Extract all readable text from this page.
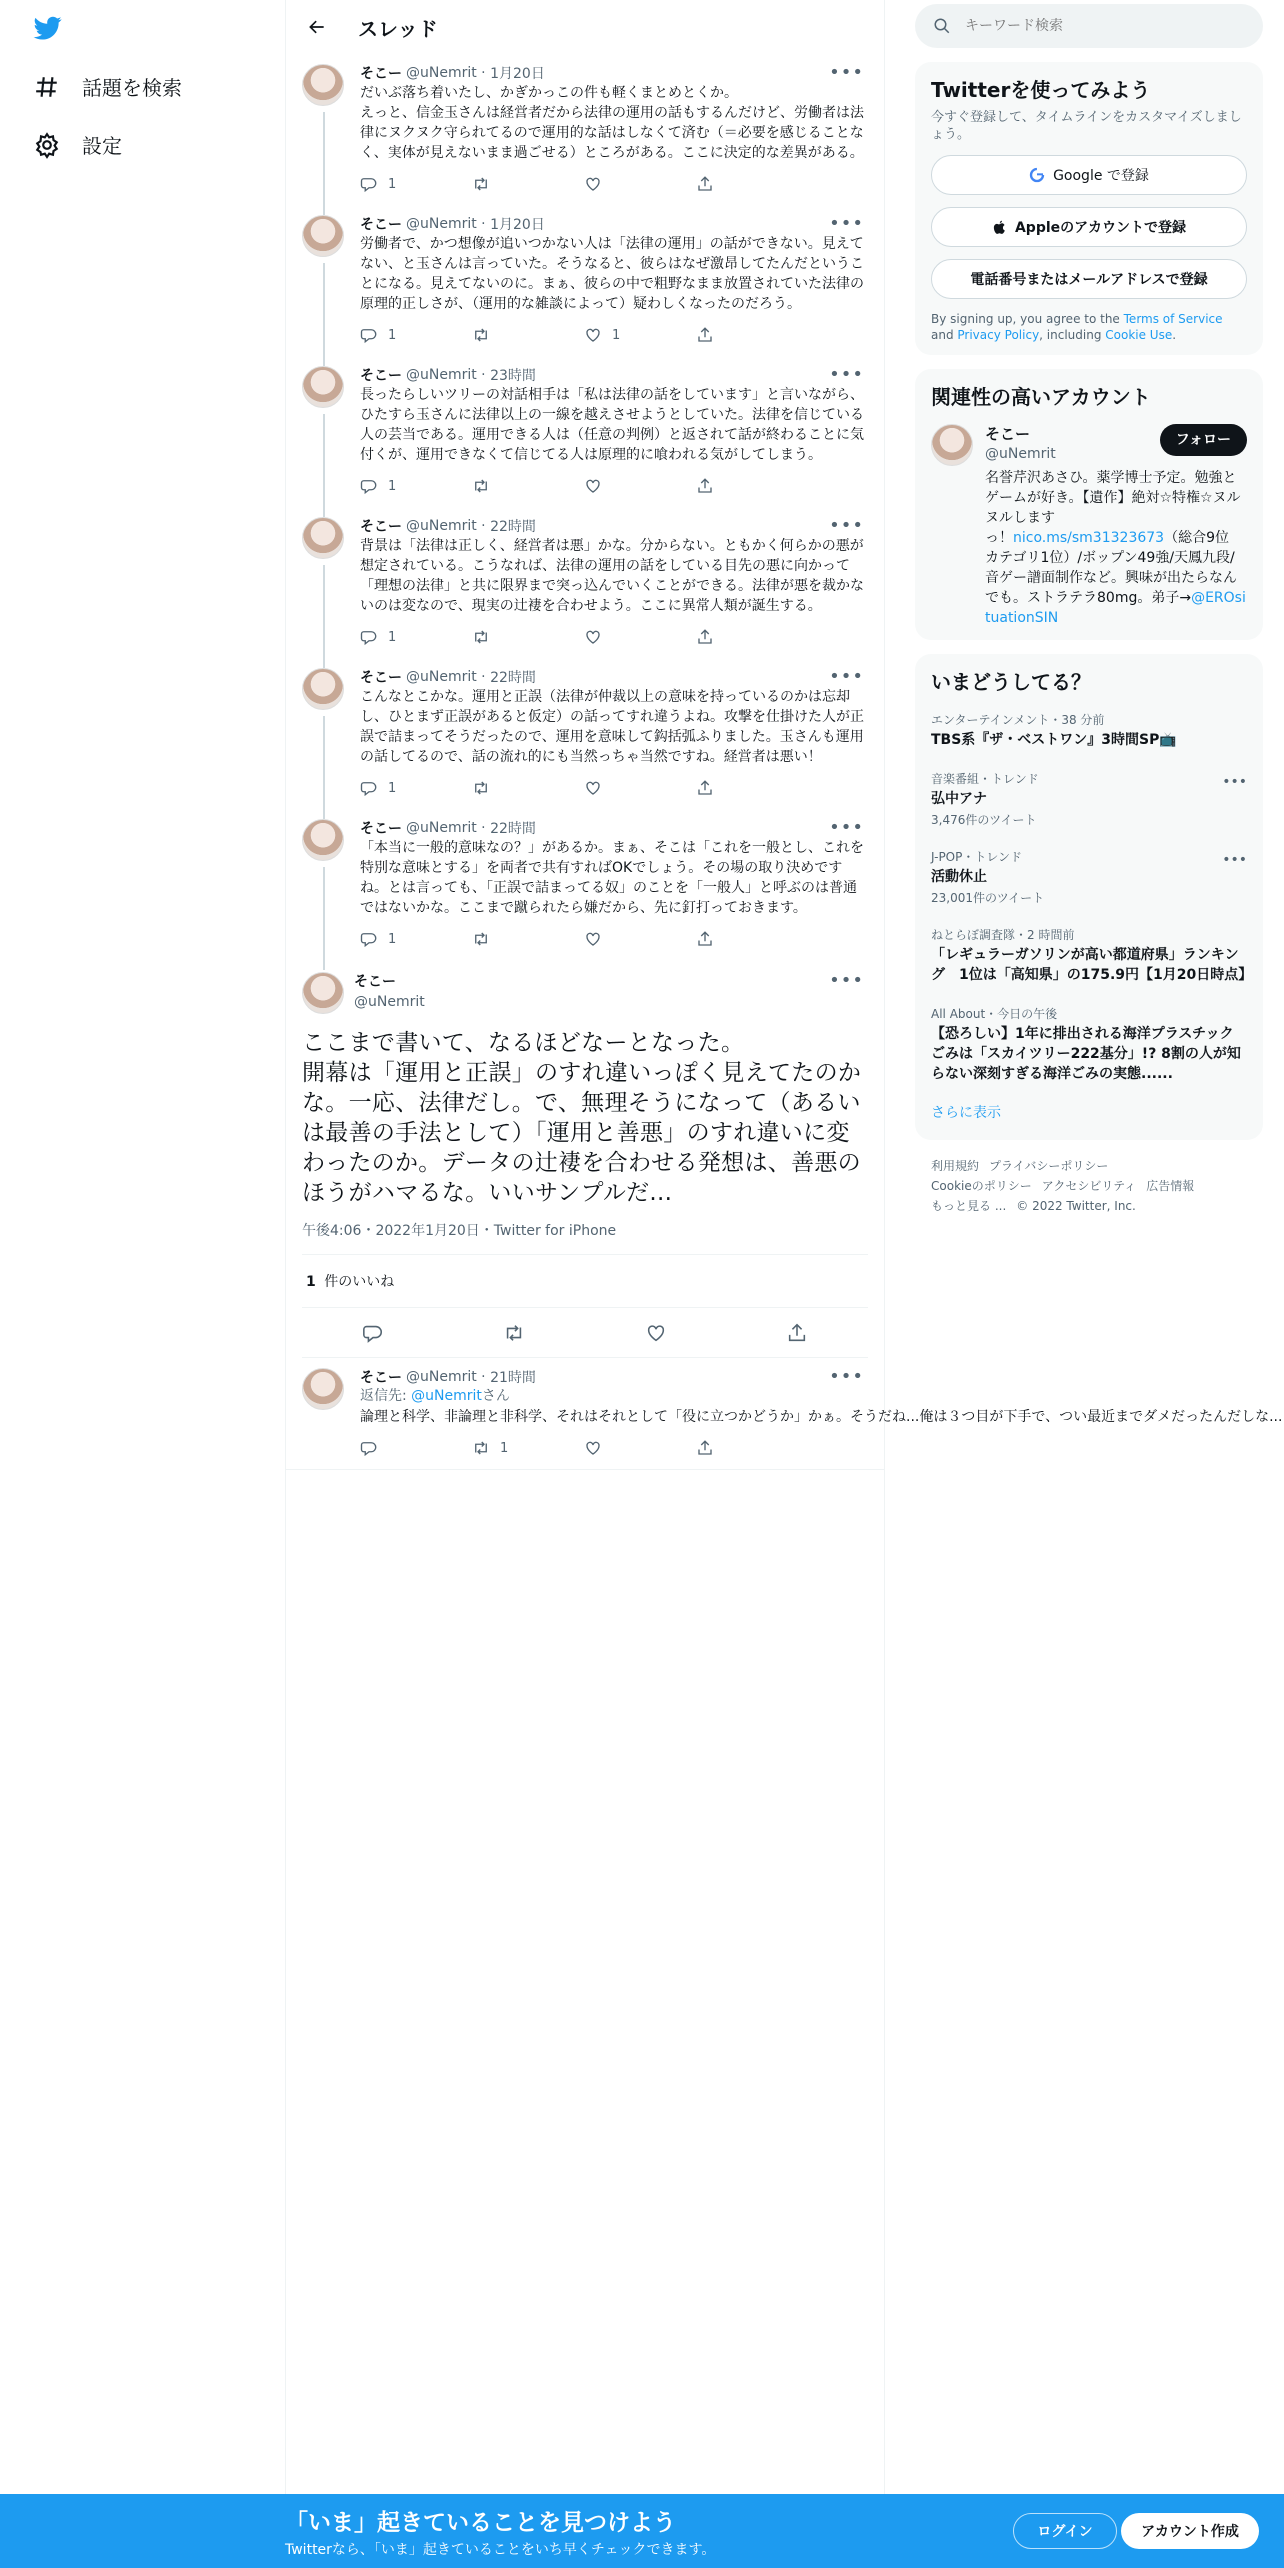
話題を検索
設定
スレッド
そこー @uNemrit · 1月20日	•••
だいぶ落ち着いたし、かぎかっこの件も軽くまとめとくか。
えっと、信金玉さんは経営者だから法律の運用の話もするんだけど、労働者は法律にヌクヌク守られてるので運用的な話はしなくて済む（＝必要を感じることなく、実体が見えないまま過ごせる）ところがある。ここに決定的な差異がある。
1
そこー @uNemrit · 1月20日	•••
労働者で、かつ想像が追いつかない人は「法律の運用」の話ができない。見えてない、と玉さんは言っていた。そうなると、彼らはなぜ激昂してたんだということになる。見えてないのに。まぁ、彼らの中で粗野なまま放置されていた法律の原理的正しさが、（運用的な雑談によって）疑わしくなったのだろう。
1	1
そこー @uNemrit · 23時間	•••
長ったらしいツリーの対話相手は「私は法律の話をしています」と言いながら、ひたすら玉さんに法律以上の一線を越えさせようとしていた。法律を信じている人の芸当である。運用できる人は（任意の判例）と返されて話が終わることに気付くが、運用できなくて信じてる人は原理的に喰われる気がしてしまう。
1
そこー @uNemrit · 22時間	•••
背景は「法律は正しく、経営者は悪」かな。分からない。ともかく何らかの悪が想定されている。こうなれば、法律の運用の話をしている目先の悪に向かって「理想の法律」と共に限界まで突っ込んでいくことができる。法律が悪を裁かないのは変なので、現実の辻褄を合わせよう。ここに異常人類が誕生する。
1
そこー @uNemrit · 22時間	•••
こんなとこかな。運用と正誤（法律が仲裁以上の意味を持っているのかは忘却し、ひとまず正誤があると仮定）の話ってすれ違うよね。攻撃を仕掛けた人が正誤で詰まってそうだったので、運用を意味して鈎括弧ふりました。玉さんも運用の話してるので、話の流れ的にも当然っちゃ当然ですね。経営者は悪い！
1
そこー @uNemrit · 22時間	•••
「本当に一般的意味なの？」があるか。まぁ、そこは「これを一般とし、これを特別な意味とする」を両者で共有すればOKでしょう。その場の取り決めですね。とは言っても、「正誤で詰まってる奴」のことを「一般人」と呼ぶのは普通ではないかな。ここまで蹴られたら嫌だから、先に釘打っておきます。
1
そこー
@uNemrit
•••
ここまで書いて、なるほどなーとなった。
開幕は「運用と正誤」のすれ違いっぽく見えてたのかな。一応、法律だし。で、無理そうになって（あるいは最善の手法として）「運用と善悪」のすれ違いに変わったのか。データの辻褄を合わせる発想は、善悪のほうがハマるな。いいサンプルだ...
午後4:06・2022年1月20日・Twitter for iPhone
1 件のいいね
そこー @uNemrit · 21時間	•••
返信先: @uNemritさん
論理と科学、非論理と非科学、それはそれとして「役に立つかどうか」かぁ。そうだね...俺は３つ目が下手で、つい最近までダメだったんだしな...
1
キーワード検索
Twitterを使ってみよう
今すぐ登録して、タイムラインをカスタマイズしましょう。
Google で登録
Appleのアカウントで登録
電話番号またはメールアドレスで登録
By signing up, you agree to the Terms of Service and Privacy Policy, including Cookie Use.
関連性の高いアカウント
そこー
@uNemrit
フォロー
名誉芹沢あさひ。薬学博士予定。勉強とゲームが好き。【遺作】絶対☆特権☆ヌルヌルします
っ！nico.ms/sm31323673（総合9位 カテゴリ1位）/ボップン49強/天鳳九段/音ゲー譜面制作など。興味が出たらなんでも。ストラテラ80mg。弟子→@EROsituationSIN
いまどうしてる？
エンターテインメント・38 分前
TBS系『ザ・ベストワン』3時間SP📺
音楽番組・トレンド
弘中アナ
3,476件のツイート
•••
J-POP・トレンド
活動休止
23,001件のツイート
•••
ねとらぼ調査隊・2 時間前
「レギュラーガソリンが高い都道府県」ランキング　1位は「高知県」の175.9円【1月20日時点】
All About・今日の午後
【恐ろしい】1年に排出される海洋プラスチックごみは「スカイツリー222基分」!? 8割の人が知らない深刻すぎる海洋ごみの実態......
さらに表示
利用規約 プライバシーポリシー
Cookieのポリシー アクセシビリティ 広告情報
もっと見る ... © 2022 Twitter, Inc.
「いま」起きていることを見つけよう
Twitterなら、「いま」起きていることをいち早くチェックできます。
ログイン	アカウント作成
